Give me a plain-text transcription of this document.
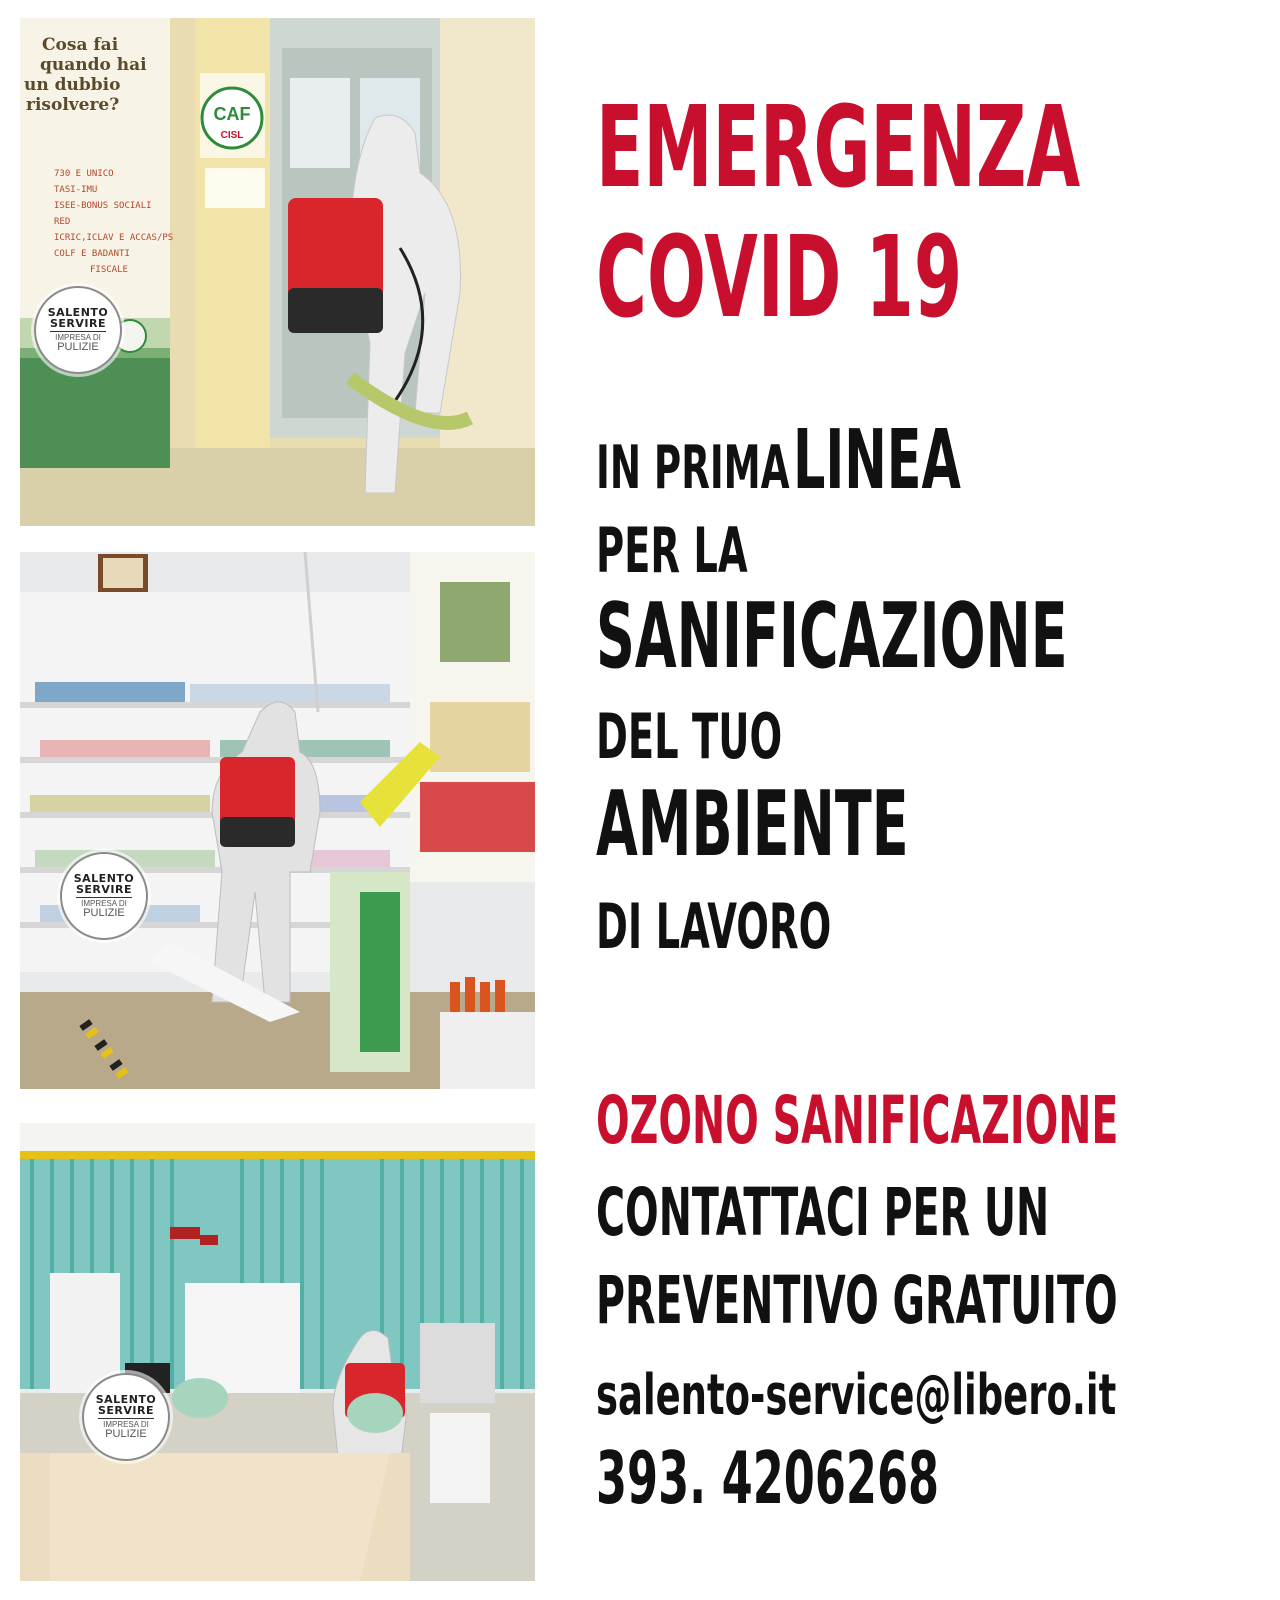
Cosa fai
quando hai
un dubbio
risolvere?
730 E UNICO
TASI-IMU
ISEE-BONUS SOCIALI
RED
ICRIC,ICLAV E ACCAS/PS
COLF E BADANTI
FISCALE
CAF
CISL
SALENTO
SERVIRE
IMPRESA DI
PULIZIE
SALENTO
SERVIRE
IMPRESA DI
PULIZIE
SALENTO
SERVIRE
IMPRESA DI
PULIZIE
EMERGENZA
COVID 19
IN PRIMA LINEA
PER LA
SANIFICAZIONE
DEL TUO
AMBIENTE
DI LAVORO
OZONO SANIFICAZIONE
CONTATTACI PER UN
PREVENTIVO GRATUITO
salento-service@libero.it
393. 4206268
